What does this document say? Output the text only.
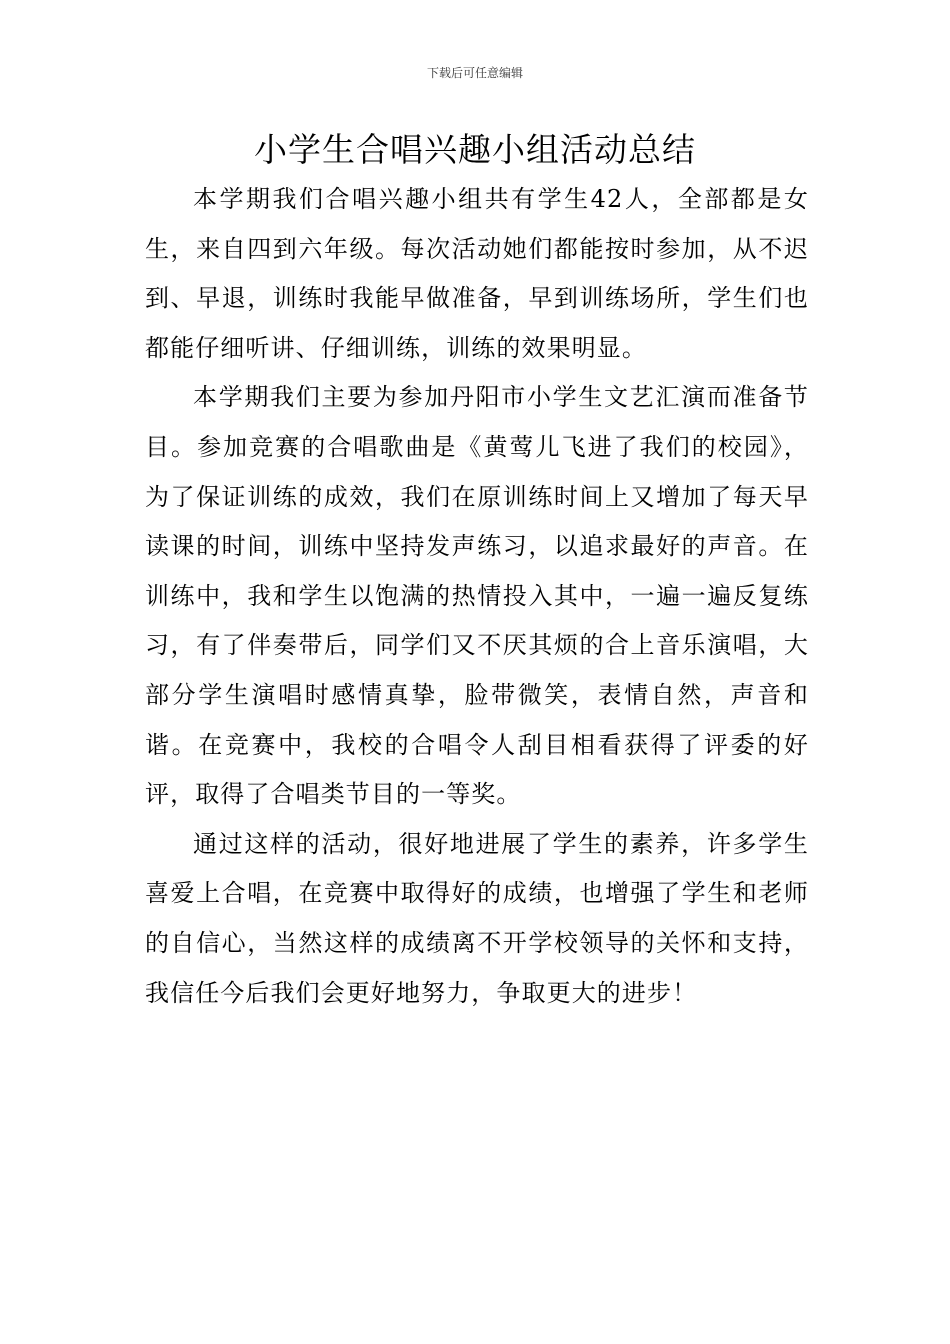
下载后可任意编辑
小学生合唱兴趣小组活动总结

本学期我们合唱兴趣小组共有学生42人，全部都是女生，来自四到六年级。每次活动她们都能按时参加，从不迟到、早退，训练时我能早做准备，早到训练场所，学生们也都能仔细听讲、仔细训练，训练的效果明显。

本学期我们主要为参加丹阳市小学生文艺汇演而准备节目。参加竞赛的合唱歌曲是《黄莺儿飞进了我们的校园》，为了保证训练的成效，我们在原训练时间上又增加了每天早读课的时间，训练中坚持发声练习，以追求最好的声音。在训练中，我和学生以饱满的热情投入其中，一遍一遍反复练习，有了伴奏带后，同学们又不厌其烦的合上音乐演唱，大部分学生演唱时感情真挚，脸带微笑，表情自然，声音和谐。在竞赛中，我校的合唱令人刮目相看获得了评委的好评，取得了合唱类节目的一等奖。

通过这样的活动，很好地进展了学生的素养，许多学生喜爱上合唱，在竞赛中取得好的成绩，也增强了学生和老师的自信心，当然这样的成绩离不开学校领导的关怀和支持，我信任今后我们会更好地努力，争取更大的进步！
